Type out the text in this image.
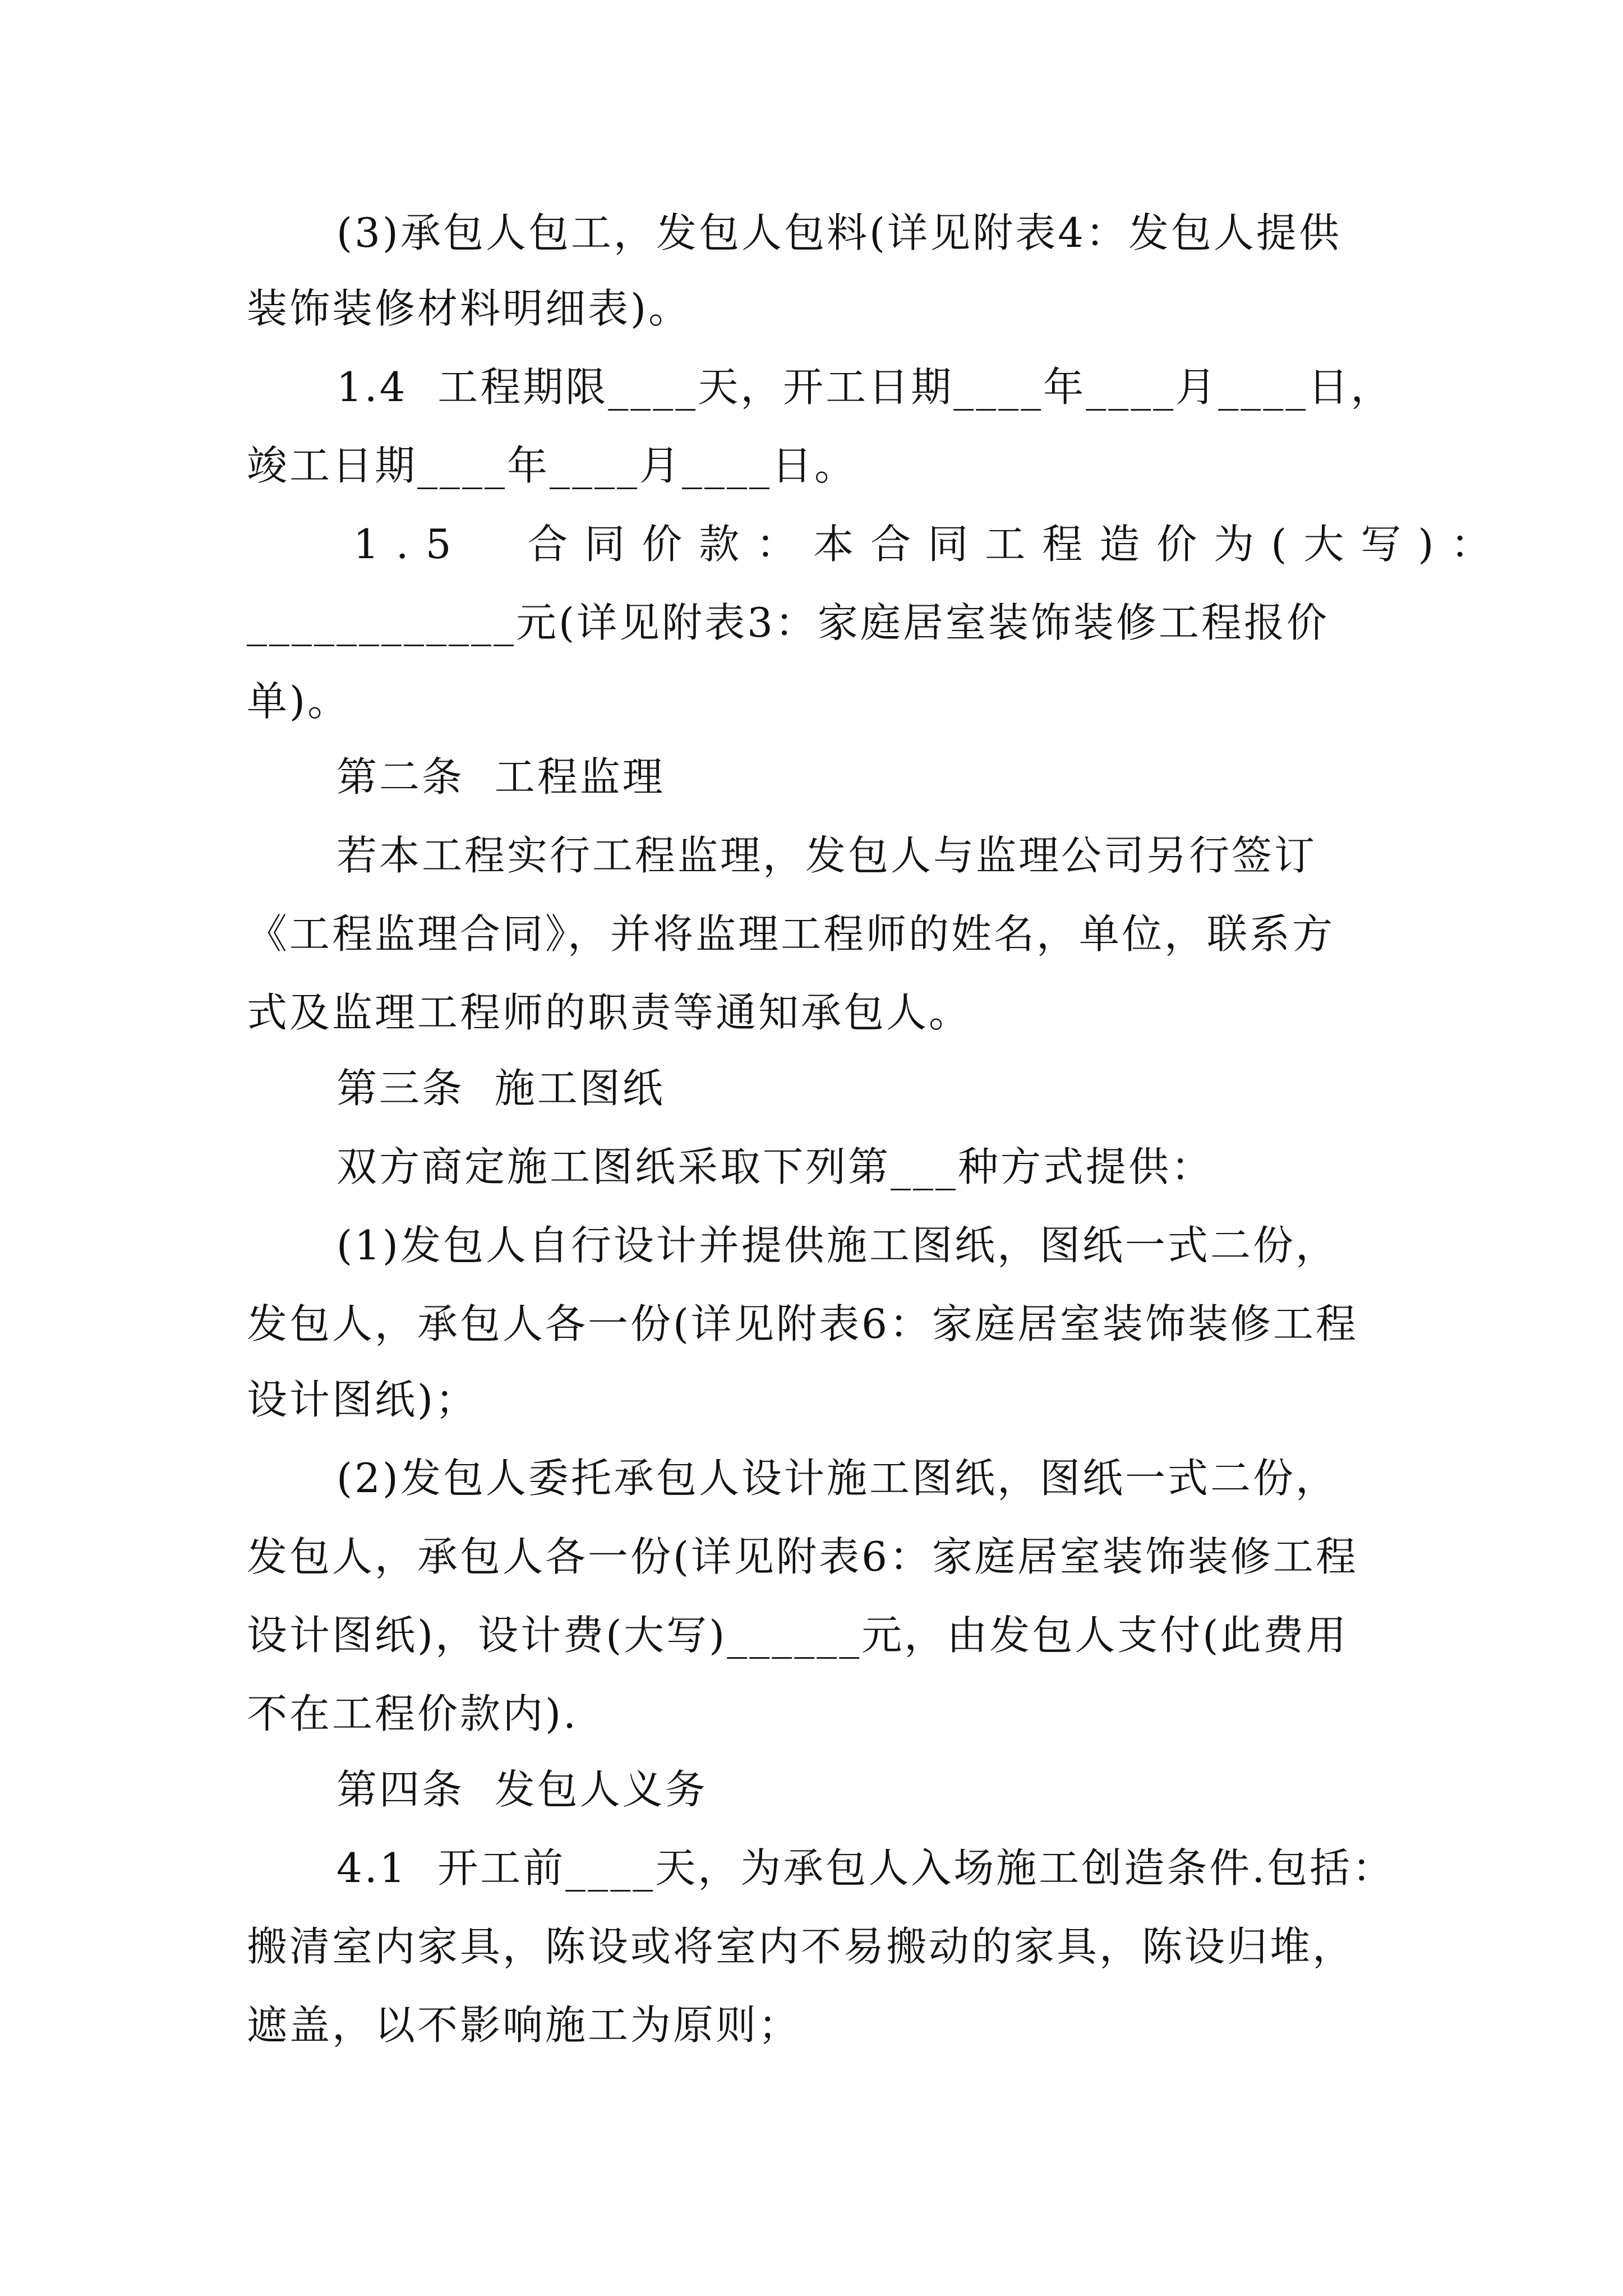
(3)承包人包工，发包人包料(详见附表4：发包人提供
装饰装修材料明细表)。
1.4  工程期限____天，开工日期____年____月____日，
竣工日期____年____月____日。
1.5  合同价款：本合同工程造价为(大写)：
____________元(详见附表3：家庭居室装饰装修工程报价
单)。
第二条  工程监理
若本工程实行工程监理，发包人与监理公司另行签订
《工程监理合同》，并将监理工程师的姓名，单位，联系方
式及监理工程师的职责等通知承包人。
第三条  施工图纸
双方商定施工图纸采取下列第___种方式提供：
(1)发包人自行设计并提供施工图纸，图纸一式二份，
发包人，承包人各一份(详见附表6：家庭居室装饰装修工程
设计图纸)；
(2)发包人委托承包人设计施工图纸，图纸一式二份，
发包人，承包人各一份(详见附表6：家庭居室装饰装修工程
设计图纸)，设计费(大写)______元，由发包人支付(此费用
不在工程价款内).
第四条  发包人义务
4.1  开工前____天，为承包人入场施工创造条件.包括：
搬清室内家具，陈设或将室内不易搬动的家具，陈设归堆，
遮盖，以不影响施工为原则；
